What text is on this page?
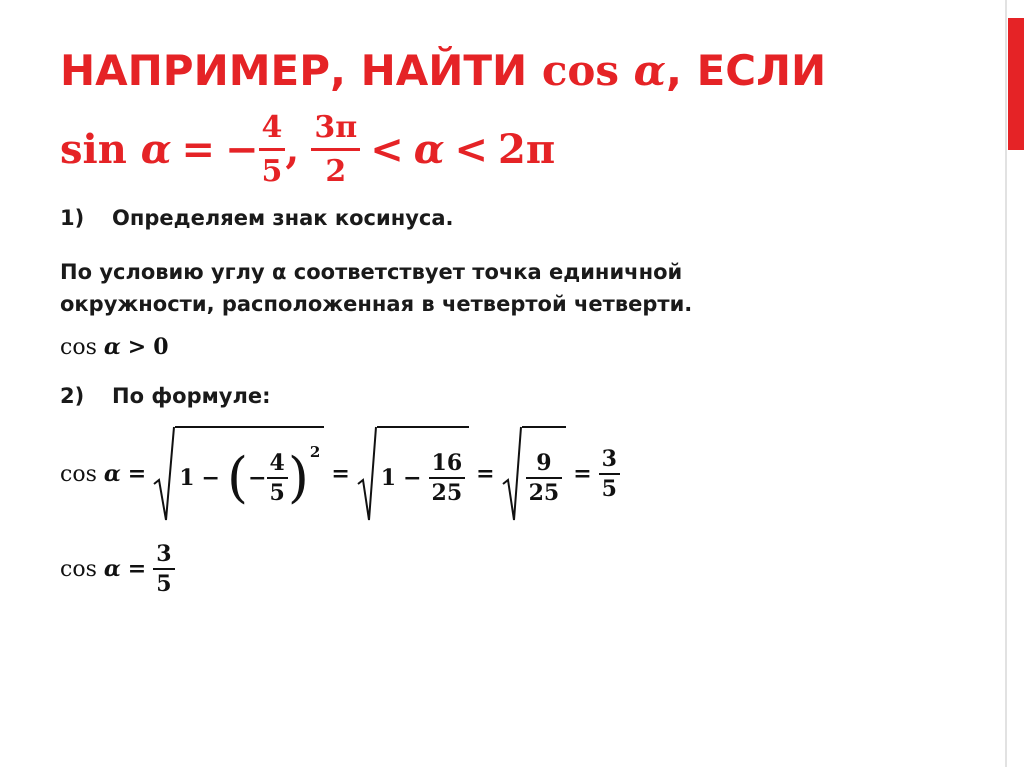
НАПРИМЕР, НАЙТИ cos α, ЕСЛИ
sin
α = − $\frac{4}{5}$ , $\frac{3\pi}{2} < \alpha < 2\pi$
1) Определяем знак косинуса.
По условию углу α соответствует точка единичной
окружности, расположенная в четвертой четверти.
cos
α > 0
2) По формуле:
cos
α = 1 − ( − $\frac{4}{5}$ ) 2
= $1 - \frac{16}{25} = \frac{9}{25} = \frac{3}{5}$
cos
$\alpha = \frac{3}{5}$
